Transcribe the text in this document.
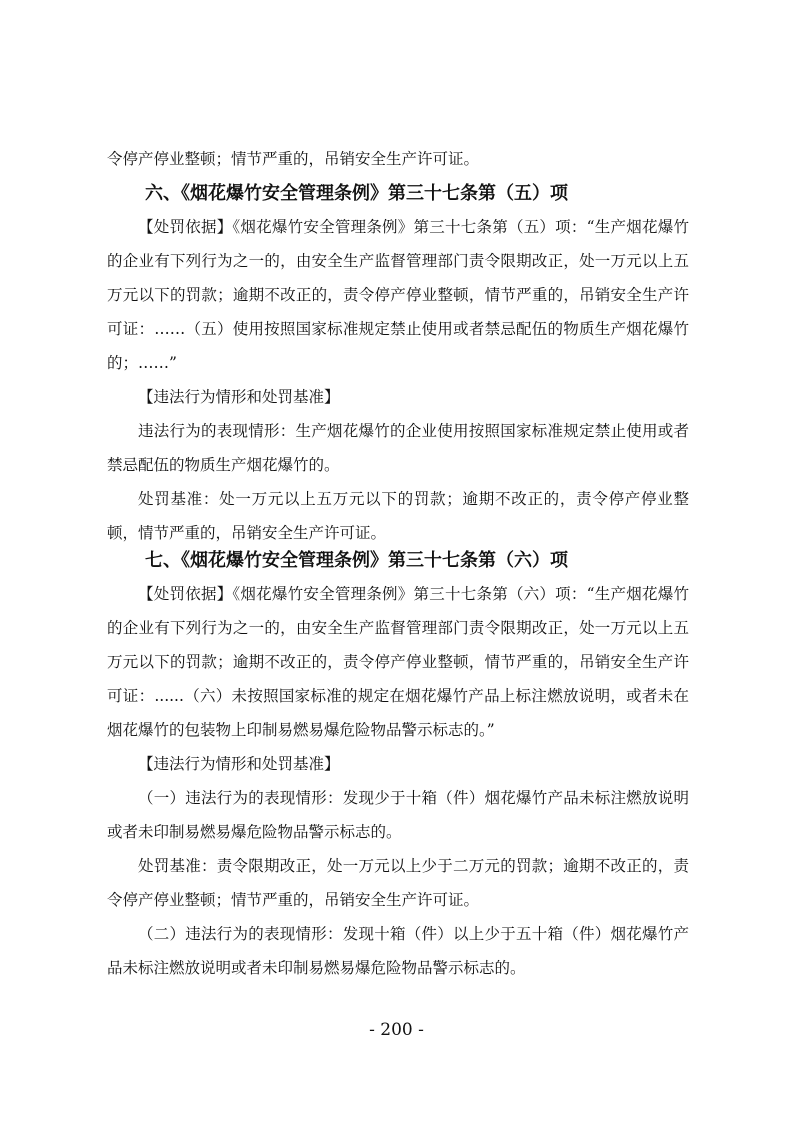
令停产停业整顿；情节严重的，吊销安全生产许可证。

六、《烟花爆竹安全管理条例》第三十七条第（五）项

【处罚依据】《烟花爆竹安全管理条例》第三十七条第（五）项：“生产烟花爆竹的企业有下列行为之一的，由安全生产监督管理部门责令限期改正，处一万元以上五万元以下的罚款；逾期不改正的，责令停产停业整顿，情节严重的，吊销安全生产许可证：……（五）使用按照国家标准规定禁止使用或者禁忌配伍的物质生产烟花爆竹的；……”

【违法行为情形和处罚基准】

违法行为的表现情形：生产烟花爆竹的企业使用按照国家标准规定禁止使用或者禁忌配伍的物质生产烟花爆竹的。

处罚基准：处一万元以上五万元以下的罚款；逾期不改正的，责令停产停业整顿，情节严重的，吊销安全生产许可证。

七、《烟花爆竹安全管理条例》第三十七条第（六）项

【处罚依据】《烟花爆竹安全管理条例》第三十七条第（六）项：“生产烟花爆竹的企业有下列行为之一的，由安全生产监督管理部门责令限期改正，处一万元以上五万元以下的罚款；逾期不改正的，责令停产停业整顿，情节严重的，吊销安全生产许可证：......（六）未按照国家标准的规定在烟花爆竹产品上标注燃放说明，或者未在烟花爆竹的包装物上印制易燃易爆危险物品警示标志的。”

【违法行为情形和处罚基准】

（一）违法行为的表现情形：发现少于十箱（件）烟花爆竹产品未标注燃放说明或者未印制易燃易爆危险物品警示标志的。

处罚基准：责令限期改正，处一万元以上少于二万元的罚款；逾期不改正的，责令停产停业整顿；情节严重的，吊销安全生产许可证。

（二）违法行为的表现情形：发现十箱（件）以上少于五十箱（件）烟花爆竹产品未标注燃放说明或者未印制易燃易爆危险物品警示标志的。

- 200 -
